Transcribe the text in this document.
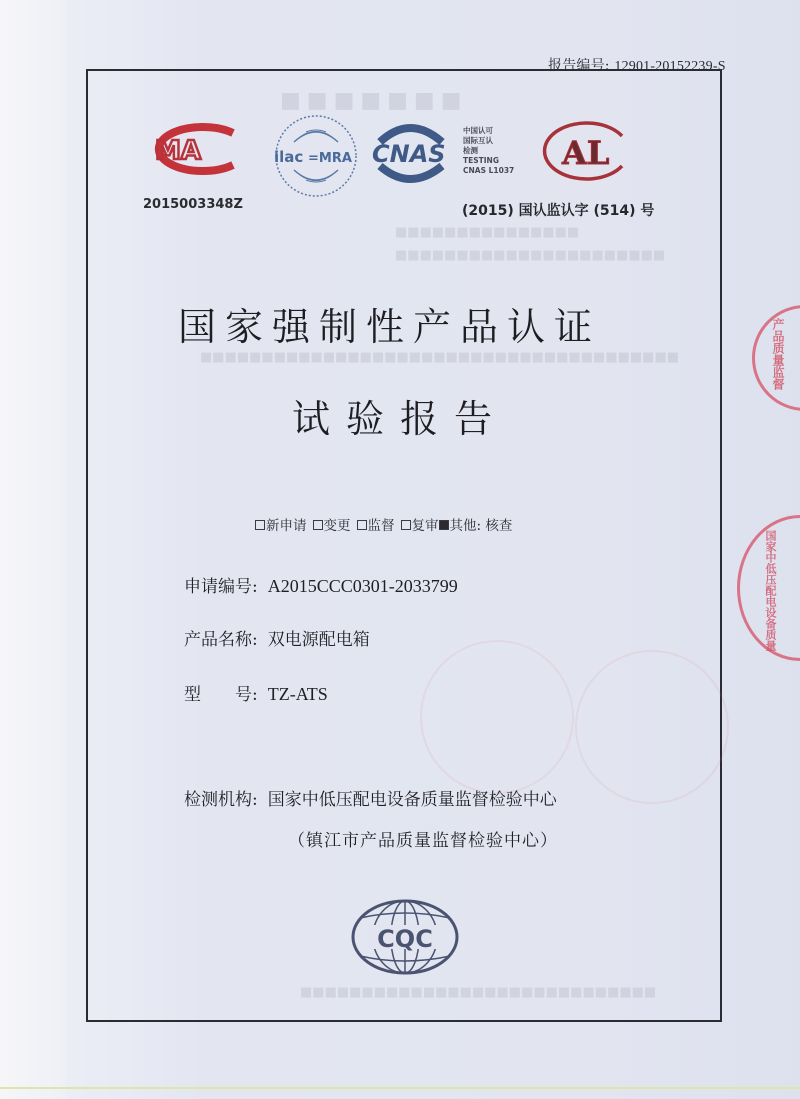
报告编号: 12901-20152239-S
■■■■■■■
■■■■■■■■■■■■■■■■■■■■■■■■■■■■■■■■■■■■■■■
■■■■■■■■■■■■■■■
■■■■■■■■■■■■■■■■■■■■■■
■■■■■■■■■■■■■■■■■■■■■■■■■■■■■
MA
2015003348Z
ilac =MRA CNAS
中国认可
国际互认
检测
TESTING
CNAS L1037 AL
(2015) 国认监认字 (514) 号
国家强制性产品认证
试验报告
新申请	变更	监督	复审 其他: 核查
申请编号: A2015CCC0301-2033799
产品名称: 双电源配电箱
型　　号: TZ-ATS
检测机构: 国家中低压配电设备质量监督检验中心
（镇江市产品质量监督检验中心）
CQC
产品质量监督
国家中低压配电设备质量
